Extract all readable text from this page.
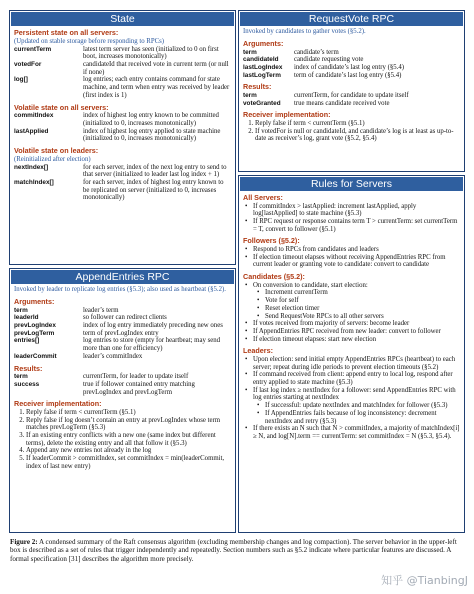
State
Persistent state on all servers:
(Updated on stable storage before responding to RPCs)
currentTerm	latest term server has seen (initialized to 0 on first boot, increases monotonically)
votedFor	candidateId that received vote in current term (or null if none)
log[]	log entries; each entry contains command for state machine, and term when entry was received by leader (first index is 1)
Volatile state on all servers:
commitIndex	index of highest log entry known to be committed (initialized to 0, increases monotonically)
lastApplied	index of highest log entry applied to state machine (initialized to 0, increases monotonically)
Volatile state on leaders:
(Reinitialized after election)
nextIndex[]	for each server, index of the next log entry to send to that server (initialized to leader last log index + 1)
matchIndex[]	for each server, index of highest log entry known to be replicated on server (initialized to 0, increases monotonically)
AppendEntries RPC
Invoked by leader to replicate log entries (§5.3); also used as heartbeat (§5.2).
Arguments:
term	leader’s term
leaderId	so follower can redirect clients
prevLogIndex	index of log entry immediately preceding new ones
prevLogTerm	term of prevLogIndex entry
entries[]	log entries to store (empty for heartbeat; may send more than one for efficiency)
leaderCommit	leader’s commitIndex
Results:
term	currentTerm, for leader to update itself
success	true if follower contained entry matching prevLogIndex and prevLogTerm
Receiver implementation:
1. Reply false if term < currentTerm (§5.1)
2. Reply false if log doesn’t contain an entry at prevLogIndex whose term matches prevLogTerm (§5.3)
3. If an existing entry conflicts with a new one (same index but different terms), delete the existing entry and all that follow it (§5.3)
4. Append any new entries not already in the log
5. If leaderCommit > commitIndex, set commitIndex = min(leaderCommit, index of last new entry)
RequestVote RPC
Invoked by candidates to gather votes (§5.2).
Arguments:
term	candidate’s term
candidateId	candidate requesting vote
lastLogIndex	index of candidate’s last log entry (§5.4)
lastLogTerm	term of candidate’s last log entry (§5.4)
Results:
term	currentTerm, for candidate to update itself
voteGranted	true means candidate received vote
Receiver implementation:
1. Reply false if term < currentTerm (§5.1)
2. If votedFor is null or candidateId, and candidate’s log is at least as up-to-date as receiver’s log, grant vote (§5.2, §5.4)
Rules for Servers
All Servers:
• If commitIndex > lastApplied: increment lastApplied, apply log[lastApplied] to state machine (§5.3)
• If RPC request or response contains term T > currentTerm: set currentTerm = T, convert to follower (§5.1)
Followers (§5.2):
• Respond to RPCs from candidates and leaders
• If election timeout elapses without receiving AppendEntries RPC from current leader or granting vote to candidate: convert to candidate
Candidates (§5.2):
• On conversion to candidate, start election:
• Increment currentTerm
• Vote for self
• Reset election timer
• Send RequestVote RPCs to all other servers
• If votes received from majority of servers: become leader
• If AppendEntries RPC received from new leader: convert to follower
• If election timeout elapses: start new election
Leaders:
• Upon election: send initial empty AppendEntries RPCs (heartbeat) to each server; repeat during idle periods to prevent election timeouts (§5.2)
• If command received from client: append entry to local log, respond after entry applied to state machine (§5.3)
• If last log index ≥ nextIndex for a follower: send AppendEntries RPC with log entries starting at nextIndex
• If successful: update nextIndex and matchIndex for follower (§5.3)
• If AppendEntries fails because of log inconsistency: decrement nextIndex and retry (§5.3)
• If there exists an N such that N > commitIndex, a majority of matchIndex[i] ≥ N, and log[N].term == currentTerm: set commitIndex = N (§5.3, §5.4).
Figure 2: A condensed summary of the Raft consensus algorithm (excluding membership changes and log compaction). The server behavior in the upper-left box is described as a set of rules that trigger independently and repeatedly. Section numbers such as §5.2 indicate where particular features are discussed. A formal specification [31] describes the algorithm more precisely.
知乎 @TianbingJ
